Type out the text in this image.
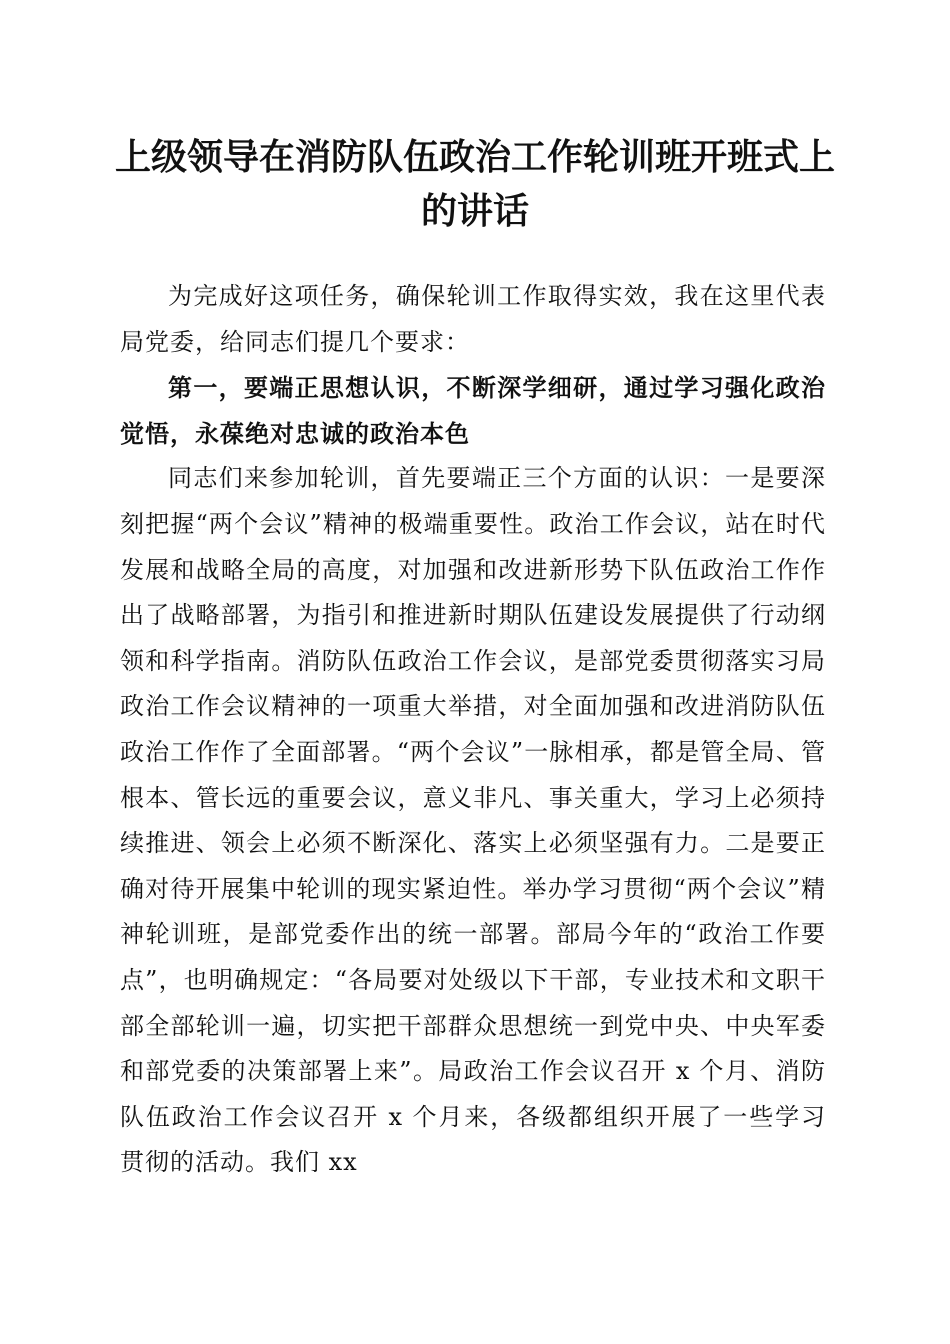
上级领导在消防队伍政治工作轮训班开班式上
的讲话

为完成好这项任务，确保轮训工作取得实效，我在这里代表局党委，给同志们提几个要求：

第一，要端正思想认识，不断深学细研，通过学习强化政治觉悟，永葆绝对忠诚的政治本色

同志们来参加轮训，首先要端正三个方面的认识：一是要深刻把握“两个会议”精神的极端重要性。政治工作会议，站在时代发展和战略全局的高度，对加强和改进新形势下队伍政治工作作出了战略部署，为指引和推进新时期队伍建设发展提供了行动纲领和科学指南。消防队伍政治工作会议，是部党委贯彻落实习局政治工作会议精神的一项重大举措，对全面加强和改进消防队伍政治工作作了全面部署。“两个会议”一脉相承，都是管全局、管根本、管长远的重要会议，意义非凡、事关重大，学习上必须持续推进、领会上必须不断深化、落实上必须坚强有力。二是要正确对待开展集中轮训的现实紧迫性。举办学习贯彻“两个会议”精神轮训班，是部党委作出的统一部署。部局今年的“政治工作要点”，也明确规定：“各局要对处级以下干部，专业技术和文职干部全部轮训一遍，切实把干部群众思想统一到党中央、中央军委和部党委的决策部署上来”。局政治工作会议召开 x 个月、消防队伍政治工作会议召开 x 个月来，各级都组织开展了一些学习贯彻的活动。我们 xx
